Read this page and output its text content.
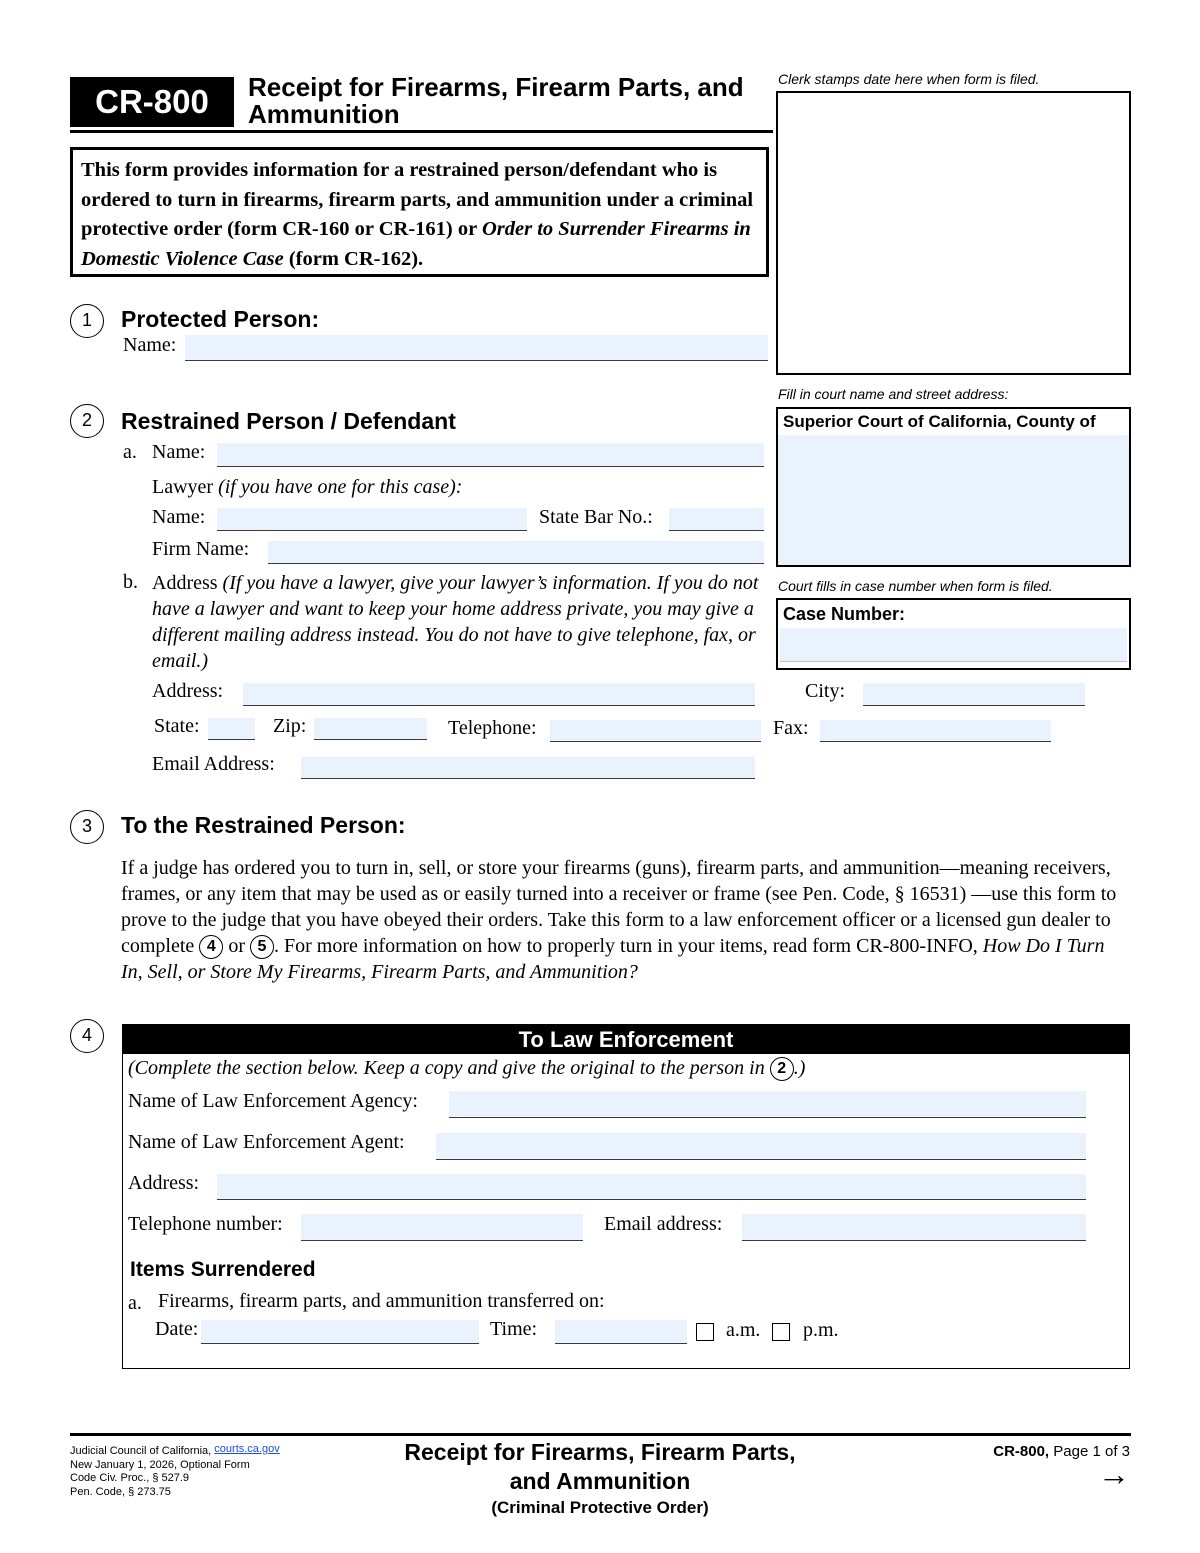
CR-800	Receipt for Firearms, Firearm Parts, and Ammunition
Clerk stamps date here when form is filed.
Fill in court name and street address:
Superior Court of California, County of
Court fills in case number when form is filed.
Case Number:
This form provides information for a restrained person/defendant who is ordered to turn in firearms, firearm parts, and ammunition under a criminal protective order (form CR-160 or CR-161) or Order to Surrender Firearms in Domestic Violence Case (form CR-162).
1	Protected Person:
Name:
2	Restrained Person / Defendant
a. Name:
Lawyer (if you have one for this case):
Name:	State Bar No.:
Firm Name:
b. Address (If you have a lawyer, give your lawyer’s information. If you do not have a lawyer and want to keep your home address private, you may give a different mailing address instead. You do not have to give telephone, fax, or email.)
Address:	City:
State:	Zip:	Telephone:	Fax:
Email Address:
3	To the Restrained Person:
If a judge has ordered you to turn in, sell, or store your firearms (guns), firearm parts, and ammunition—meaning receivers, frames, or any item that may be used as or easily turned into a receiver or frame (see Pen. Code, § 16531) —use this form to prove to the judge that you have obeyed their orders. Take this form to a law enforcement officer or a licensed gun dealer to complete 4 or 5 . For more information on how to properly turn in your items, read form CR-800-INFO, How Do I Turn In, Sell, or Store My Firearms, Firearm Parts, and Ammunition?
4	To Law Enforcement
(Complete the section below. Keep a copy and give the original to the person in 2 .)
Name of Law Enforcement Agency:
Name of Law Enforcement Agent:
Address:
Telephone number:	Email address:
Items Surrendered
a. Firearms, firearm parts, and ammunition transferred on:
Date:	Time:	a.m. p.m.
Judicial Council of California, courts.ca.gov
New January 1, 2026, Optional Form
Code Civ. Proc., § 527.9
Pen. Code, § 273.75
Receipt for Firearms, Firearm Parts,
and Ammunition
(Criminal Protective Order)
CR-800, Page 1 of 3
→
